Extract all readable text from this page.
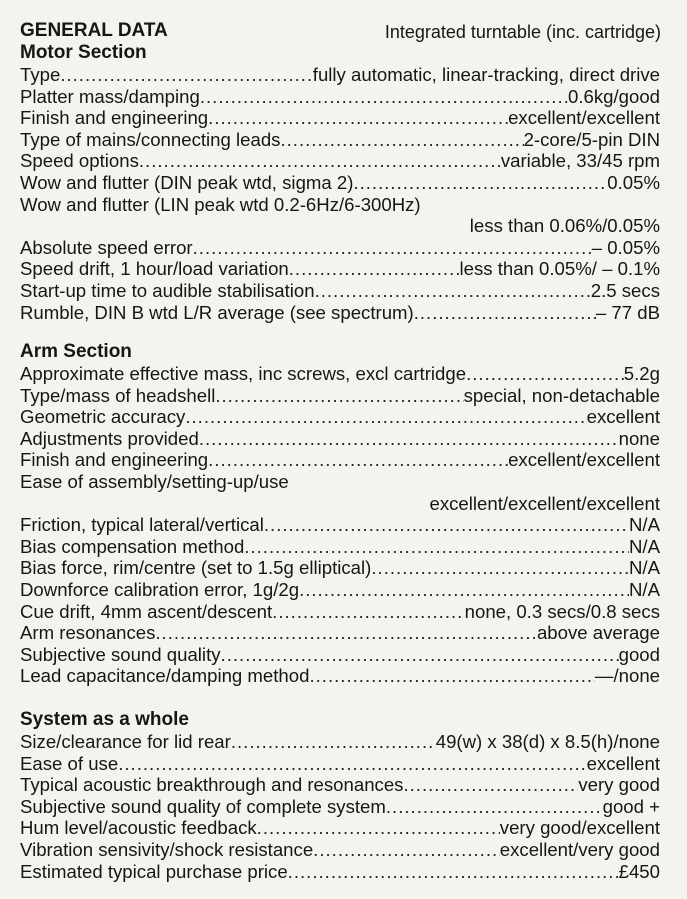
GENERAL DATA	Integrated turntable (inc. cartridge)
Motor Section
Type .....	fully automatic, linear-tracking, direct drive
Platter mass/damping .....	0.6kg/good
Finish and engineering .....	excellent/excellent
Type of mains/connecting leads .....	2-core/5-pin DIN
Speed options .....	variable, 33/45 rpm
Wow and flutter (DIN peak wtd, sigma 2) .....	0.05%
Wow and flutter (LIN peak wtd 0.2-6Hz/6-300Hz)
less than 0.06%/0.05%
Absolute speed error .....	– 0.05%
Speed drift, 1 hour/load variation .....	less than 0.05%/ – 0.1%
Start-up time to audible stabilisation .....	2.5 secs
Rumble, DIN B wtd L/R average (see spectrum) .....	– 77 dB
Arm Section
Approximate effective mass, inc screws, excl cartridge .....	5.2g
Type/mass of headshell .....	special, non-detachable
Geometric accuracy .....	excellent
Adjustments provided .....	none
Finish and engineering .....	excellent/excellent
Ease of assembly/setting-up/use
excellent/excellent/excellent
Friction, typical lateral/vertical .....	N/A
Bias compensation method .....	N/A
Bias force, rim/centre (set to 1.5g elliptical) .....	N/A
Downforce calibration error, 1g/2g .....	N/A
Cue drift, 4mm ascent/descent .....	none, 0.3 secs/0.8 secs
Arm resonances .....	above average
Subjective sound quality .....	good
Lead capacitance/damping method .....	—/none
System as a whole
Size/clearance for lid rear .....	49(w) x 38(d) x 8.5(h)/none
Ease of use .....	excellent
Typical acoustic breakthrough and resonances .....	very good
Subjective sound quality of complete system .....	good +
Hum level/acoustic feedback .....	very good/excellent
Vibration sensivity/shock resistance .....	excellent/very good
Estimated typical purchase price .....	£450
